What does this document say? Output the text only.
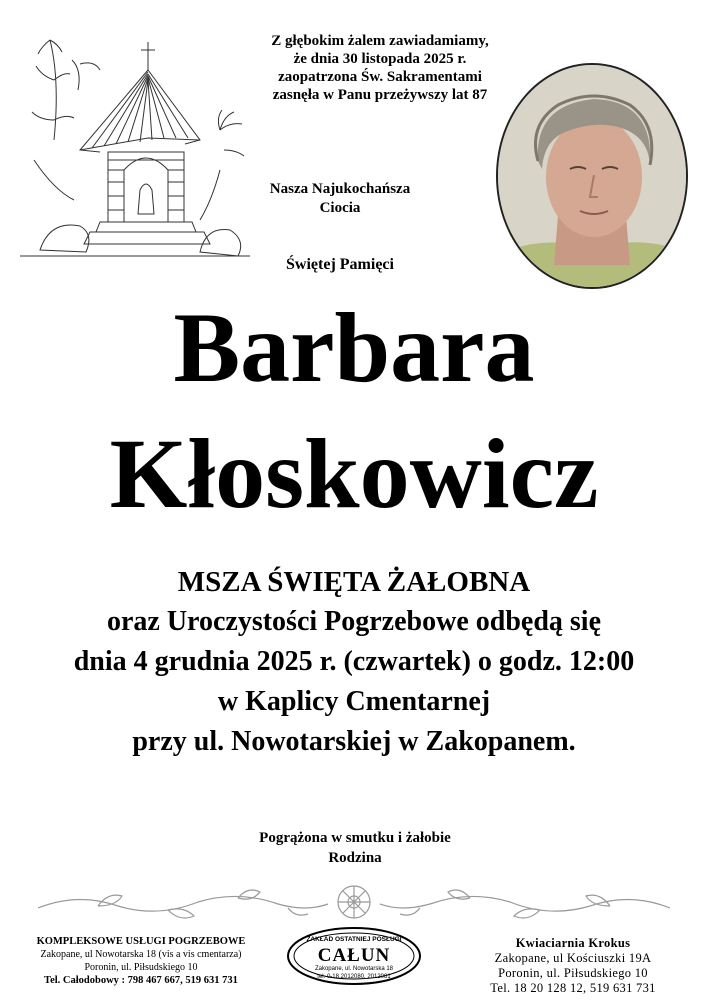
Z głębokim żalem zawiadamiamy,
że dnia 30 listopada 2025 r.
zaopatrzona Św. Sakramentami
zasnęła w Panu przeżywszy lat 87
Nasza Najukochańsza
Ciocia
Świętej Pamięci
Barbara
Kłoskowicz
MSZA ŚWIĘTA ŻAŁOBNA
oraz Uroczystości Pogrzebowe odbędą się
dnia 4 grudnia 2025 r. (czwartek) o godz. 12:00
w Kaplicy Cmentarnej
przy ul. Nowotarskiej w Zakopanem.
Pogrążona w smutku i żałobie
Rodzina
KOMPLEKSOWE USŁUGI POGRZEBOWE
Zakopane, ul Nowotarska 18 (vis a vis cmentarza)
Poronin, ul. Piłsudskiego 10
Tel. Całodobowy : 798 467 667, 519 631 731
ZAKŁAD OSTATNIEJ POSŁUGI
CAŁUN
Zakopane, ul. Nowotarska 18
tel. 0-18 2012080, 2012081
Kwiaciarnia Krokus
Zakopane, ul Kościuszki 19A
Poronin, ul. Piłsudskiego 10
Tel. 18 20 128 12, 519 631 731
